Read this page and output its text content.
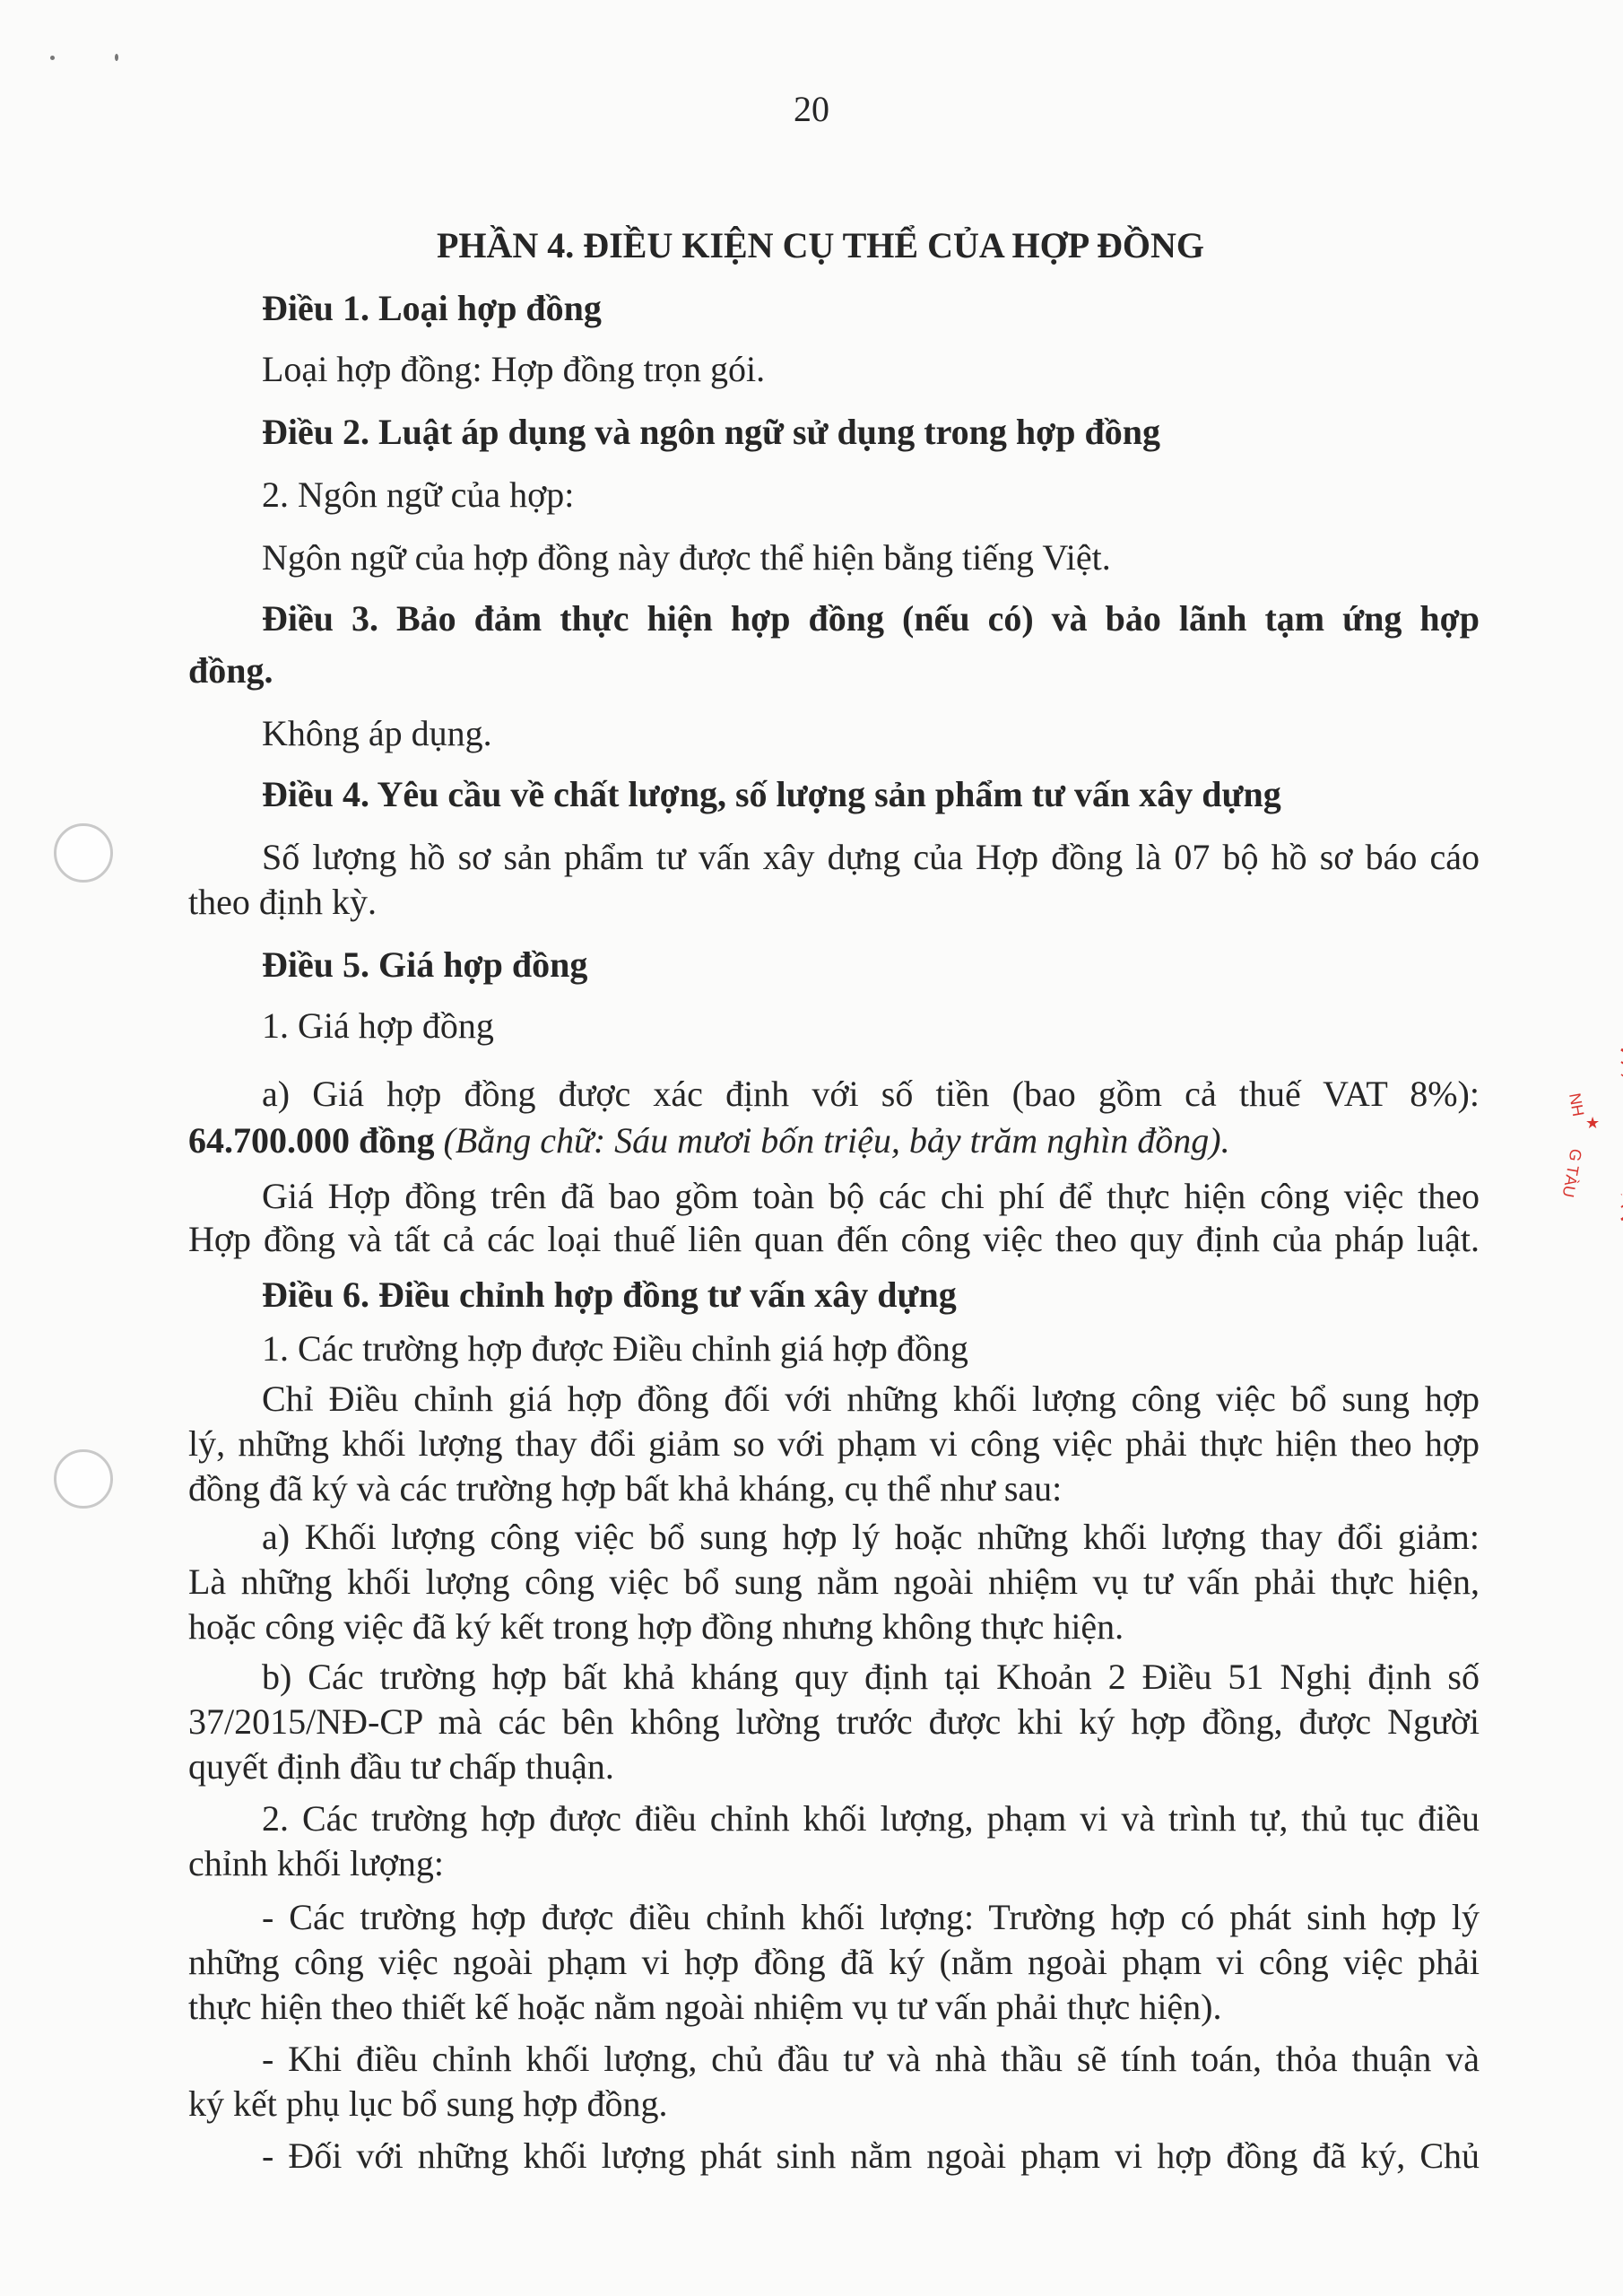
NH
★
G TÀU
20
PHẦN 4. ĐIỀU KIỆN CỤ THỂ CỦA HỢP ĐỒNG
Điều 1. Loại hợp đồng
Loại hợp đồng: Hợp đồng trọn gói.
Điều 2. Luật áp dụng và ngôn ngữ sử dụng trong hợp đồng
2. Ngôn ngữ của hợp:
Ngôn ngữ của hợp đồng này được thể hiện bằng tiếng Việt.
Điều 3. Bảo đảm thực hiện hợp đồng (nếu có) và bảo lãnh tạm ứng hợp
đồng.
Không áp dụng.
Điều 4. Yêu cầu về chất lượng, số lượng sản phẩm tư vấn xây dựng
Số lượng hồ sơ sản phẩm tư vấn xây dựng của Hợp đồng là 07 bộ hồ sơ báo cáo
theo định kỳ.
Điều 5. Giá hợp đồng
1. Giá hợp đồng
a) Giá hợp đồng được xác định với số tiền (bao gồm cả thuế VAT 8%):
64.700.000 đồng (Bằng chữ: Sáu mươi bốn triệu, bảy trăm nghìn đồng).
Giá Hợp đồng trên đã bao gồm toàn bộ các chi phí để thực hiện công việc theo
Hợp đồng và tất cả các loại thuế liên quan đến công việc theo quy định của pháp luật.
Điều 6. Điều chỉnh hợp đồng tư vấn xây dựng
1. Các trường hợp được Điều chỉnh giá hợp đồng
Chỉ Điều chỉnh giá hợp đồng đối với những khối lượng công việc bổ sung hợp
lý, những khối lượng thay đổi giảm so với phạm vi công việc phải thực hiện theo hợp
đồng đã ký và các trường hợp bất khả kháng, cụ thể như sau:
a) Khối lượng công việc bổ sung hợp lý hoặc những khối lượng thay đổi giảm:
Là những khối lượng công việc bổ sung nằm ngoài nhiệm vụ tư vấn phải thực hiện,
hoặc công việc đã ký kết trong hợp đồng nhưng không thực hiện.
b) Các trường hợp bất khả kháng quy định tại Khoản 2 Điều 51 Nghị định số
37/2015/NĐ-CP mà các bên không lường trước được khi ký hợp đồng, được Người
quyết định đầu tư chấp thuận.
2. Các trường hợp được điều chỉnh khối lượng, phạm vi và trình tự, thủ tục điều
chỉnh khối lượng:
- Các trường hợp được điều chỉnh khối lượng: Trường hợp có phát sinh hợp lý
những công việc ngoài phạm vi hợp đồng đã ký (nằm ngoài phạm vi công việc phải
thực hiện theo thiết kế hoặc nằm ngoài nhiệm vụ tư vấn phải thực hiện).
- Khi điều chỉnh khối lượng, chủ đầu tư và nhà thầu sẽ tính toán, thỏa thuận và
ký kết phụ lục bổ sung hợp đồng.
- Đối với những khối lượng phát sinh nằm ngoài phạm vi hợp đồng đã ký, Chủ
